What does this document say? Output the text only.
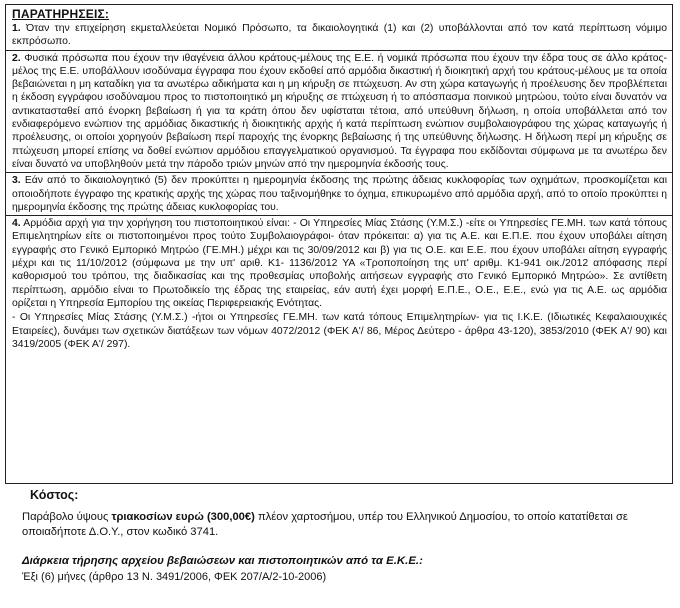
ΠΑΡΑΤΗΡΗΣΕΙΣ:
1. Όταν την επιχείρηση εκμεταλλεύεται Νομικό Πρόσωπο, τα δικαιολογητικά (1) και (2) υποβάλλονται από τον κατά περίπτωση νόμιμο εκπρόσωπο.
2. Φυσικά πρόσωπα που έχουν την ιθαγένεια άλλου κράτους-μέλους της Ε.Ε. ή νομικά πρόσωπα που έχουν την έδρα τους σε άλλο κράτος-μέλος της Ε.Ε. υποβάλλουν ισοδύναμα έγγραφα που έχουν εκδοθεί από αρμόδια δικαστική ή διοικητική αρχή του κράτους-μέλους με τα οποία βεβαιώνεται η μη καταδίκη για τα ανωτέρω αδικήματα και η μη κήρυξη σε πτώχευση. Αν στη χώρα καταγωγής ή προέλευσης δεν προβλέπεται η έκδοση εγγράφου ισοδύναμου προς το πιστοποιητικό μη κήρυξης σε πτώχευση ή το απόσπασμα ποινικού μητρώου, τούτο είναι δυνατόν να αντικατασταθεί από ένορκη βεβαίωση ή για τα κράτη όπου δεν υφίσταται τέτοια, από υπεύθυνη δήλωση, η οποία υποβάλλεται από τον ενδιαφερόμενο ενώπιον της αρμόδιας δικαστικής ή διοικητικής αρχής ή κατά περίπτωση ενώπιον συμβολαιογράφου της χώρας καταγωγής ή προέλευσης, οι οποίοι χορηγούν βεβαίωση περί παροχής της ένορκης βεβαίωσης ή της υπεύθυνης δήλωσης. Η δήλωση περί μη κήρυξης σε πτώχευση μπορεί επίσης να δοθεί ενώπιον αρμόδιου επαγγελματικού οργανισμού. Τα έγγραφα που εκδίδονται σύμφωνα με τα ανωτέρω δεν είναι δυνατό να υποβληθούν μετά την πάροδο τριών μηνών από την ημερομηνία έκδοσής τους.
3. Εάν από το δικαιολογητικό (5) δεν προκύπτει η ημερομηνία έκδοσης της πρώτης άδειας κυκλοφορίας των οχημάτων, προσκομίζεται και οποιοδήποτε έγγραφο της κρατικής αρχής της χώρας που ταξινομήθηκε το όχημα, επικυρωμένο από αρμόδια αρχή, από το οποίο προκύπτει η ημερομηνία έκδοσης της πρώτης άδειας κυκλοφορίας του.
4. Αρμόδια αρχή για την χορήγηση του πιστοποιητικού είναι: - Οι Υπηρεσίες Μίας Στάσης (Υ.Μ.Σ.) -είτε οι Υπηρεσίες ΓΕ.ΜΗ. των κατά τόπους Επιμελητηρίων είτε οι πιστοποιημένοι προς τούτο Συμβολαιογράφοι- όταν πρόκειται: α) για τις Α.Ε. και Ε.Π.Ε. που έχουν υποβάλει αίτηση εγγραφής στο Γενικό Εμπορικό Μητρώο (ΓΕ.ΜΗ.) μέχρι και τις 30/09/2012 και β) για τις Ο.Ε. και Ε.Ε. που έχουν υποβάλει αίτηση εγγραφής μέχρι και τις 11/10/2012 (σύμφωνα με την υπ' αριθ. Κ1- 1136/2012 ΥΑ «Τροποποίηση της υπ' αριθμ. Κ1-941 οικ./2012 απόφασης περί καθορισμού του τρόπου, της διαδικασίας και της προθεσμίας υποβολής αιτήσεων εγγραφής στο Γενικό Εμπορικό Μητρώο». Σε αντίθετη περίπτωση, αρμόδιο είναι το Πρωτοδικείο της έδρας της εταιρείας, εάν αυτή έχει μορφή Ε.Π.Ε., Ο.Ε., Ε.Ε., ενώ για τις Α.Ε. ως αρμόδια ορίζεται η Υπηρεσία Εμπορίου της οικείας Περιφερειακής Ενότητας.
- Οι Υπηρεσίες Μίας Στάσης (Υ.Μ.Σ.) -ήτοι οι Υπηρεσίες ΓΕ.ΜΗ. των κατά τόπους Επιμελητηρίων- για τις Ι.Κ.Ε. (Ιδιωτικές Κεφαλαιουχικές Εταιρείες), δυνάμει των σχετικών διατάξεων των νόμων 4072/2012 (ΦΕΚ Α'/ 86, Μέρος Δεύτερο - άρθρα 43-120), 3853/2010 (ΦΕΚ Α'/ 90) και 3419/2005 (ΦΕΚ Α'/ 297).
Κόστος:
Παράβολο ύψους τριακοσίων ευρώ (300,00€) πλέον χαρτοσήμου, υπέρ του Ελληνικού Δημοσίου, το οποίο κατατίθεται σε οποιαδήποτε Δ.Ο.Υ., στον κωδικό 3741.
Διάρκεια τήρησης αρχείου βεβαιώσεων και πιστοποιητικών από τα Ε.Κ.Ε.:
Έξι (6) μήνες (άρθρο 13 Ν. 3491/2006, ΦΕΚ 207/Α/2-10-2006)
